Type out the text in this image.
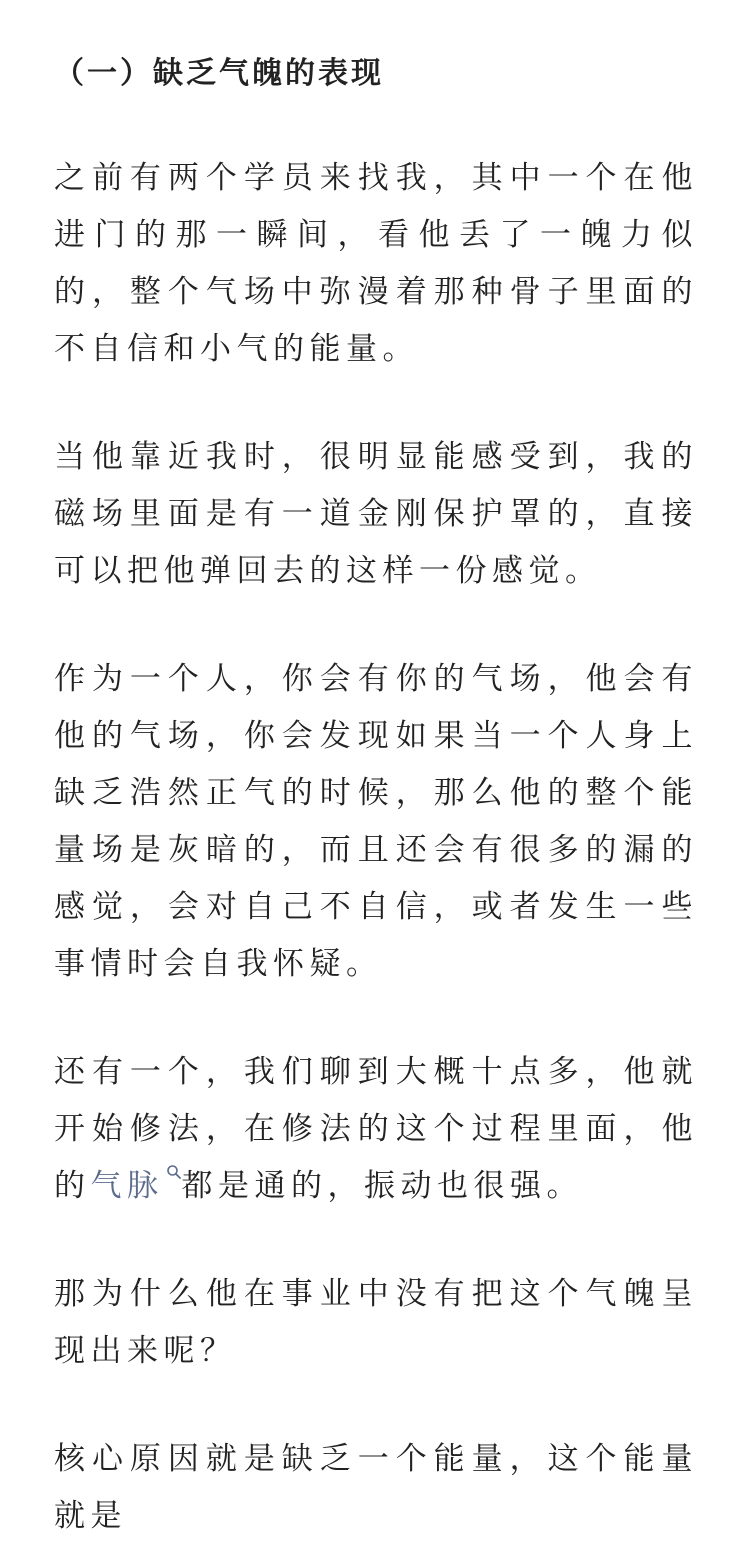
（一）缺乏气魄的表现

之前有两个学员来找我，其中一个在他进门的那一瞬间，看他丢了一魄力似的，整个气场中弥漫着那种骨子里面的不自信和小气的能量。

当他靠近我时，很明显能感受到，我的磁场里面是有一道金刚保护罩的，直接可以把他弹回去的这样一份感觉。

作为一个人，你会有你的气场，他会有他的气场，你会发现如果当一个人身上缺乏浩然正气的时候，那么他的整个能量场是灰暗的，而且还会有很多的漏的感觉，会对自己不自信，或者发生一些事情时会自我怀疑。

还有一个，我们聊到大概十点多，他就开始修法，在修法的这个过程里面，他的气脉 都是通的，振动也很强。

那为什么他在事业中没有把这个气魄呈现出来呢？

核心原因就是缺乏一个能量，这个能量就是
